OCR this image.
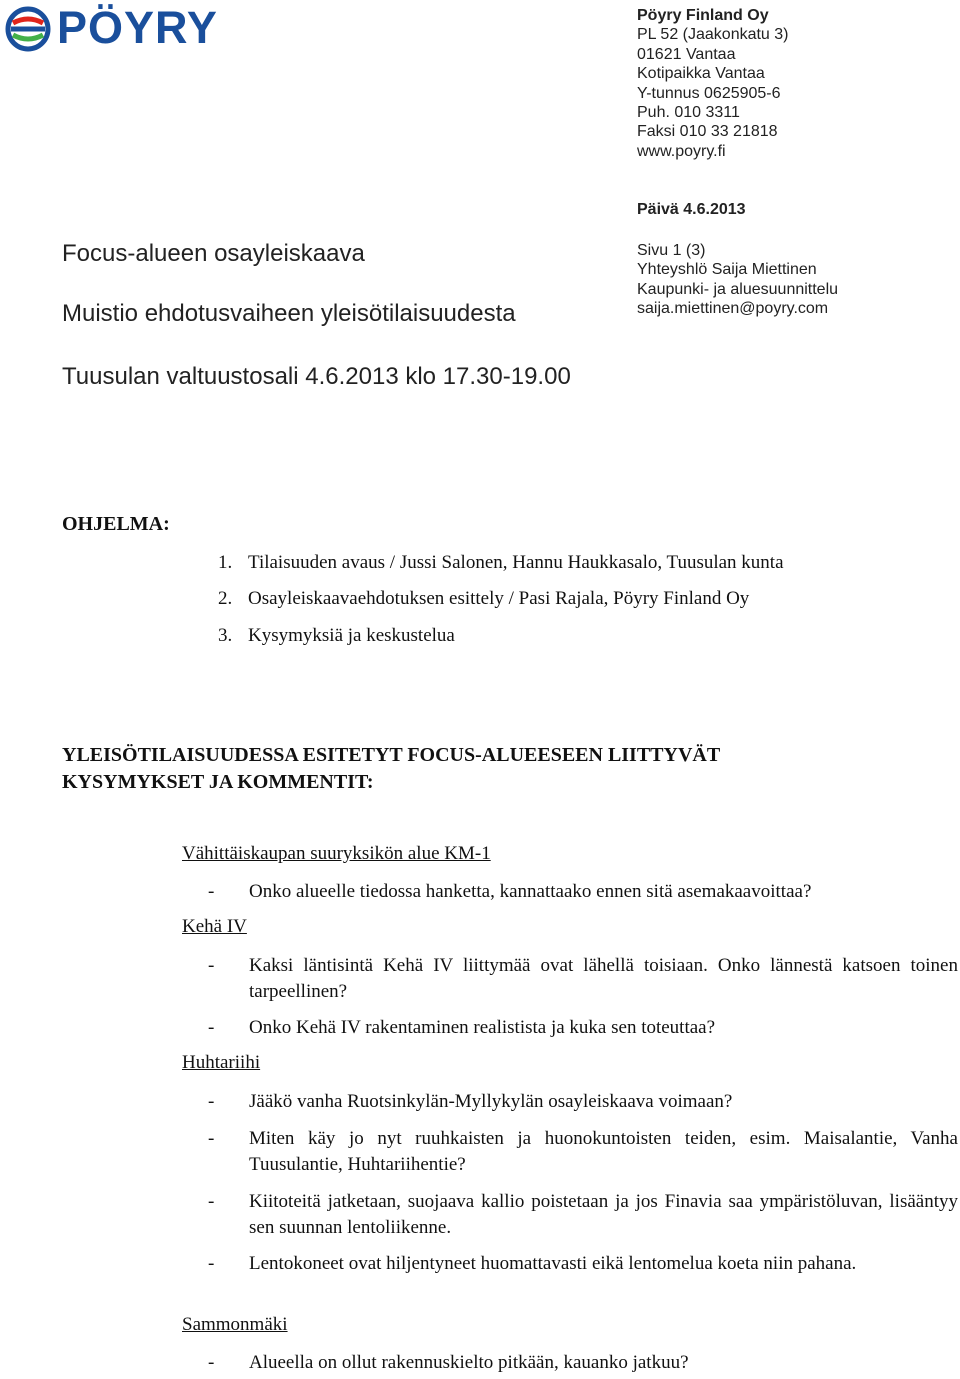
PÖYRY	Pöyry Finland Oy
PL 52 (Jaakonkatu 3)
01621 Vantaa
Kotipaikka Vantaa
Y-tunnus 0625905-6
Puh. 010 3311
Faksi 010 33 21818
www.poyry.fi
Päivä 4.6.2013
Sivu 1 (3)
Yhteyshlö Saija Miettinen
Kaupunki- ja aluesuunnittelu
saija.miettinen@poyry.com
Focus-alueen osayleiskaava
Muistio ehdotusvaiheen yleisötilaisuudesta
Tuusulan valtuustosali 4.6.2013 klo 17.30-19.00
OHJELMA:
1. Tilaisuuden avaus / Jussi Salonen, Hannu Haukkasalo, Tuusulan kunta
2. Osayleiskaavaehdotuksen esittely / Pasi Rajala, Pöyry Finland Oy
3. Kysymyksiä ja keskustelua
YLEISÖTILAISUUDESSA ESITETYT FOCUS-ALUEESEEN LIITTYVÄT KYSYMYKSET JA KOMMENTIT:
Vähittäiskaupan suuryksikön alue KM-1
- Onko alueelle tiedossa hanketta, kannattaako ennen sitä asemakaavoittaa?
Kehä IV
- Kaksi läntisintä Kehä IV liittymää ovat lähellä toisiaan. Onko lännestä katsoen toinen tarpeellinen?
- Onko Kehä IV rakentaminen realistista ja kuka sen toteuttaa?
Huhtariihi
- Jääkö vanha Ruotsinkylän-Myllykylän osayleiskaava voimaan?
- Miten käy jo nyt ruuhkaisten ja huonokuntoisten teiden, esim. Maisalantie, Vanha Tuusulantie, Huhtariihentie?
- Kiitoteitä jatketaan, suojaava kallio poistetaan ja jos Finavia saa ympäristöluvan, lisääntyy sen suunnan lentoliikenne.
- Lentokoneet ovat hiljentyneet huomattavasti eikä lentomelua koeta niin pahana.
Sammonmäki
- Alueella on ollut rakennuskielto pitkään, kauanko jatkuu?
